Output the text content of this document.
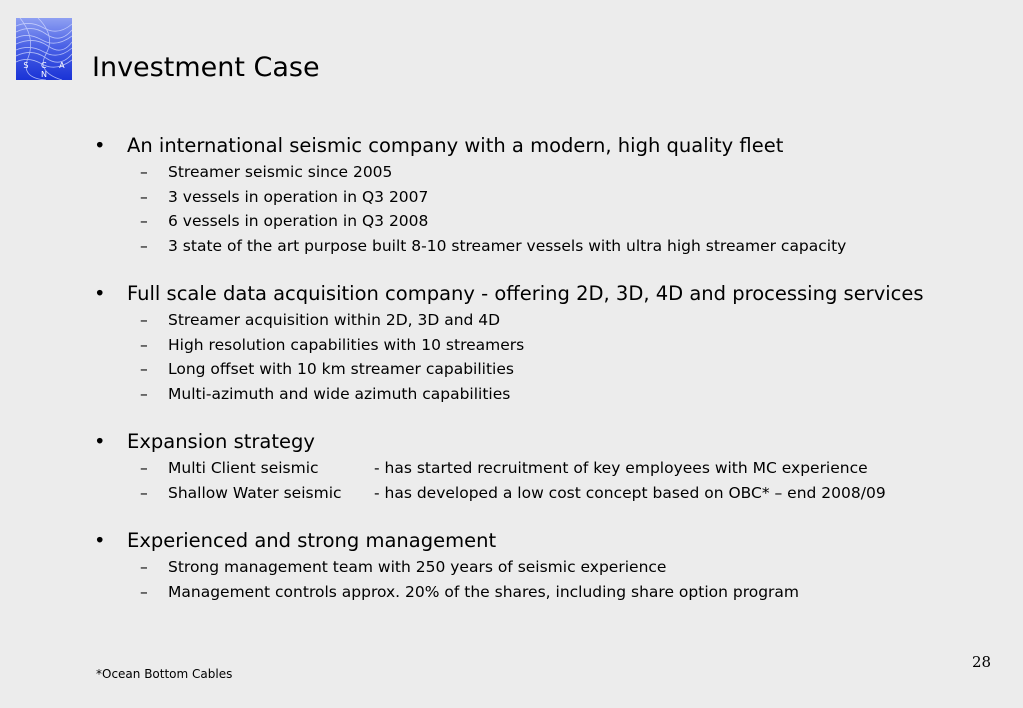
S C A N	Investment Case
• An international seismic company with a modern, high quality fleet
– Streamer seismic since 2005
– 3 vessels in operation in Q3 2007
– 6 vessels in operation in Q3 2008
– 3 state of the art purpose built 8-10 streamer vessels with ultra high streamer capacity
• Full scale data acquisition company - offering 2D, 3D, 4D and processing services
– Streamer acquisition within 2D, 3D and 4D
– High resolution capabilities with 10 streamers
– Long offset with 10 km streamer capabilities
– Multi-azimuth and wide azimuth capabilities
• Expansion strategy
– Multi Client seismic	- has started recruitment of key employees with MC experience
– Shallow Water seismic - has developed a low cost concept based on OBC* – end 2008/09
• Experienced and strong management
– Strong management team with 250 years of seismic experience
– Management controls approx. 20% of the shares, including share option program
28
*Ocean Bottom Cables
